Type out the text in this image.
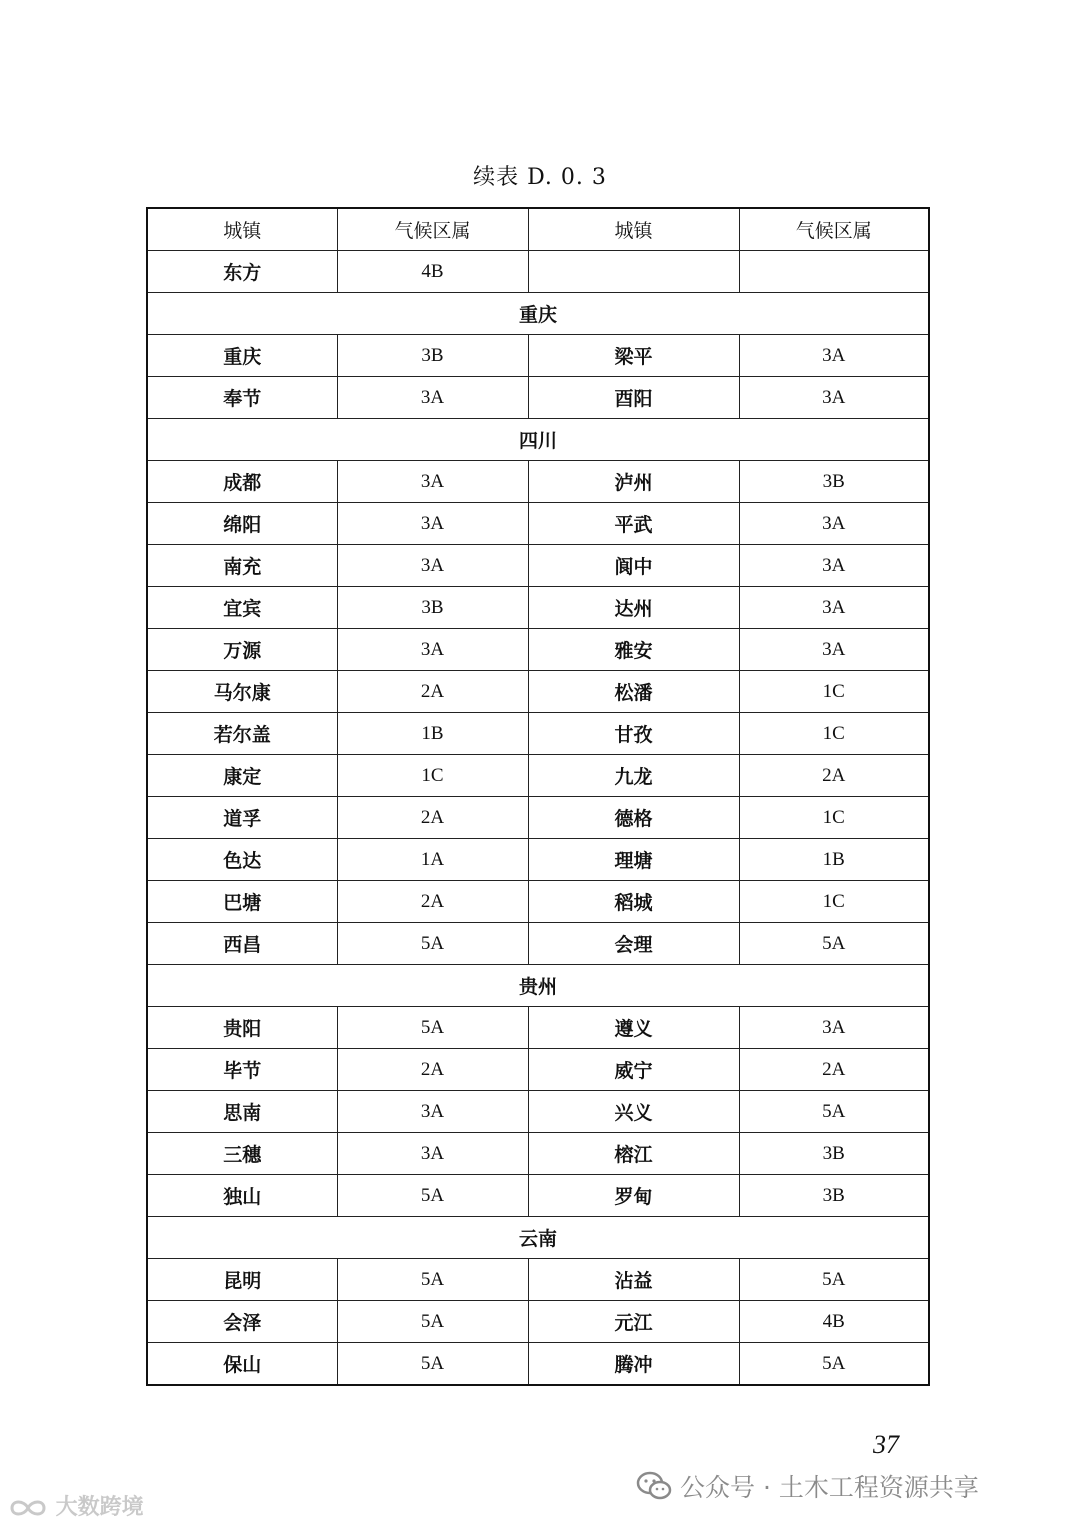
续表 D. 0. 3
城镇	气候区属	城镇	气候区属
东方	4B		
重庆			
重庆	3B	梁平	3A
奉节	3A	酉阳	3A
四川			
成都	3A	泸州	3B
绵阳	3A	平武	3A
南充	3A	阆中	3A
宜宾	3B	达州	3A
万源	3A	雅安	3A
马尔康	2A	松潘	1C
若尔盖	1B	甘孜	1C
康定	1C	九龙	2A
道孚	2A	德格	1C
色达	1A	理塘	1B
巴塘	2A	稻城	1C
西昌	5A	会理	5A
贵州			
贵阳	5A	遵义	3A
毕节	2A	威宁	2A
思南	3A	兴义	5A
三穗	3A	榕江	3B
独山	5A	罗甸	3B
云南			
昆明	5A	沾益	5A
会泽	5A	元江	4B
保山	5A	腾冲	5A
37
大数跨境
公众号 · 土木工程资源共享
